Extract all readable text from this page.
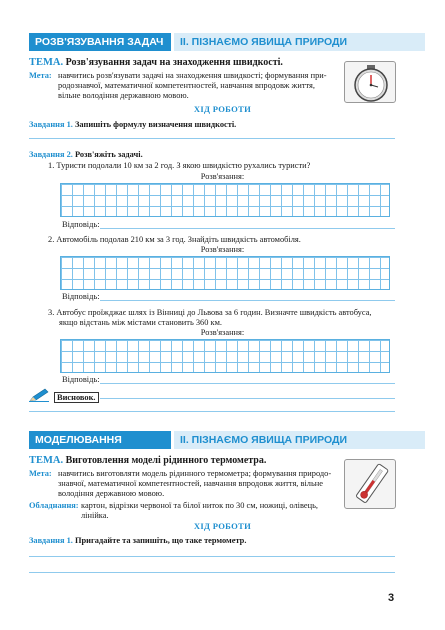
РОЗВ'ЯЗУВАННЯ ЗАДАЧ	II. ПІЗНАЄМО ЯВИЩА ПРИРОДИ
ТЕМА. Розв'язування задач на знаходження швидкості.
Мета: навчитись розв'язувати задачі на знаходження швидкості; формування при-
родознавчої, математичної компетентностей, навчання впродовж життя,
вільне володіння державною мовою.
ХІД РОБОТИ
Завдання 1. Запишіть формулу визначення швидкості.
Завдання 2. Розв'яжіть задачі.
1. Туристи подолали 10 км за 2 год. З якою швидкістю рухались туристи?
Розв'язання:
Відповідь:
2. Автомобіль подолав 210 км за 3 год. Знайдіть швидкість автомобіля.
Розв'язання:
Відповідь:
3. Автобус проїжджає шлях із Вінниці до Львова за 6 годин. Визначте швидкість автобуса,
якщо відстань між містами становить 360 км.
Розв'язання:
Відповідь:
Висновок.
МОДЕЛЮВАННЯ	II. ПІЗНАЄМО ЯВИЩА ПРИРОДИ
ТЕМА. Виготовлення моделі рідинного термометра.
Мета: навчитись виготовляти модель рідинного термометра; формування природо-
знавчої, математичної компетентностей, навчання впродовж життя, вільне
володіння державною мовою.
Обладнання: картон, відрізки червоної та білої ниток по 30 см, ножиці, олівець,
лінійка.
ХІД РОБОТИ
Завдання 1. Пригадайте та запишіть, що таке термометр.
3
